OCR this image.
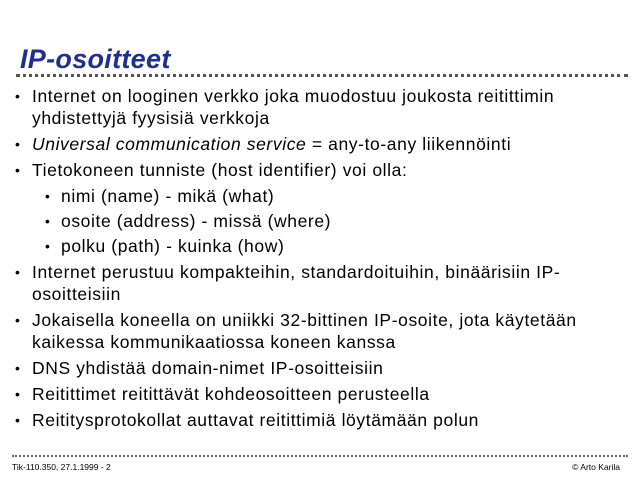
IP-osoitteet
• Internet on looginen verkko joka muodostuu joukosta reitittimin yhdistettyjä fyysisiä verkkoja
• Universal communication service = any-to-any liikennöinti
• Tietokoneen tunniste (host identifier) voi olla:
• nimi (name) - mikä (what)
• osoite (address) - missä (where)
• polku (path) - kuinka (how)
• Internet perustuu kompakteihin, standardoituihin, binäärisiin IP-osoitteisiin
• Jokaisella koneella on uniikki 32-bittinen IP-osoite, jota käytetään kaikessa kommunikaatiossa koneen kanssa
• DNS yhdistää domain-nimet IP-osoitteisiin
• Reitittimet reitittävät kohdeosoitteen perusteella
• Reititysprotokollat auttavat reitittimiä löytämään polun
Tik-110.350, 27.1.1999 - 2	© Arto Karila
